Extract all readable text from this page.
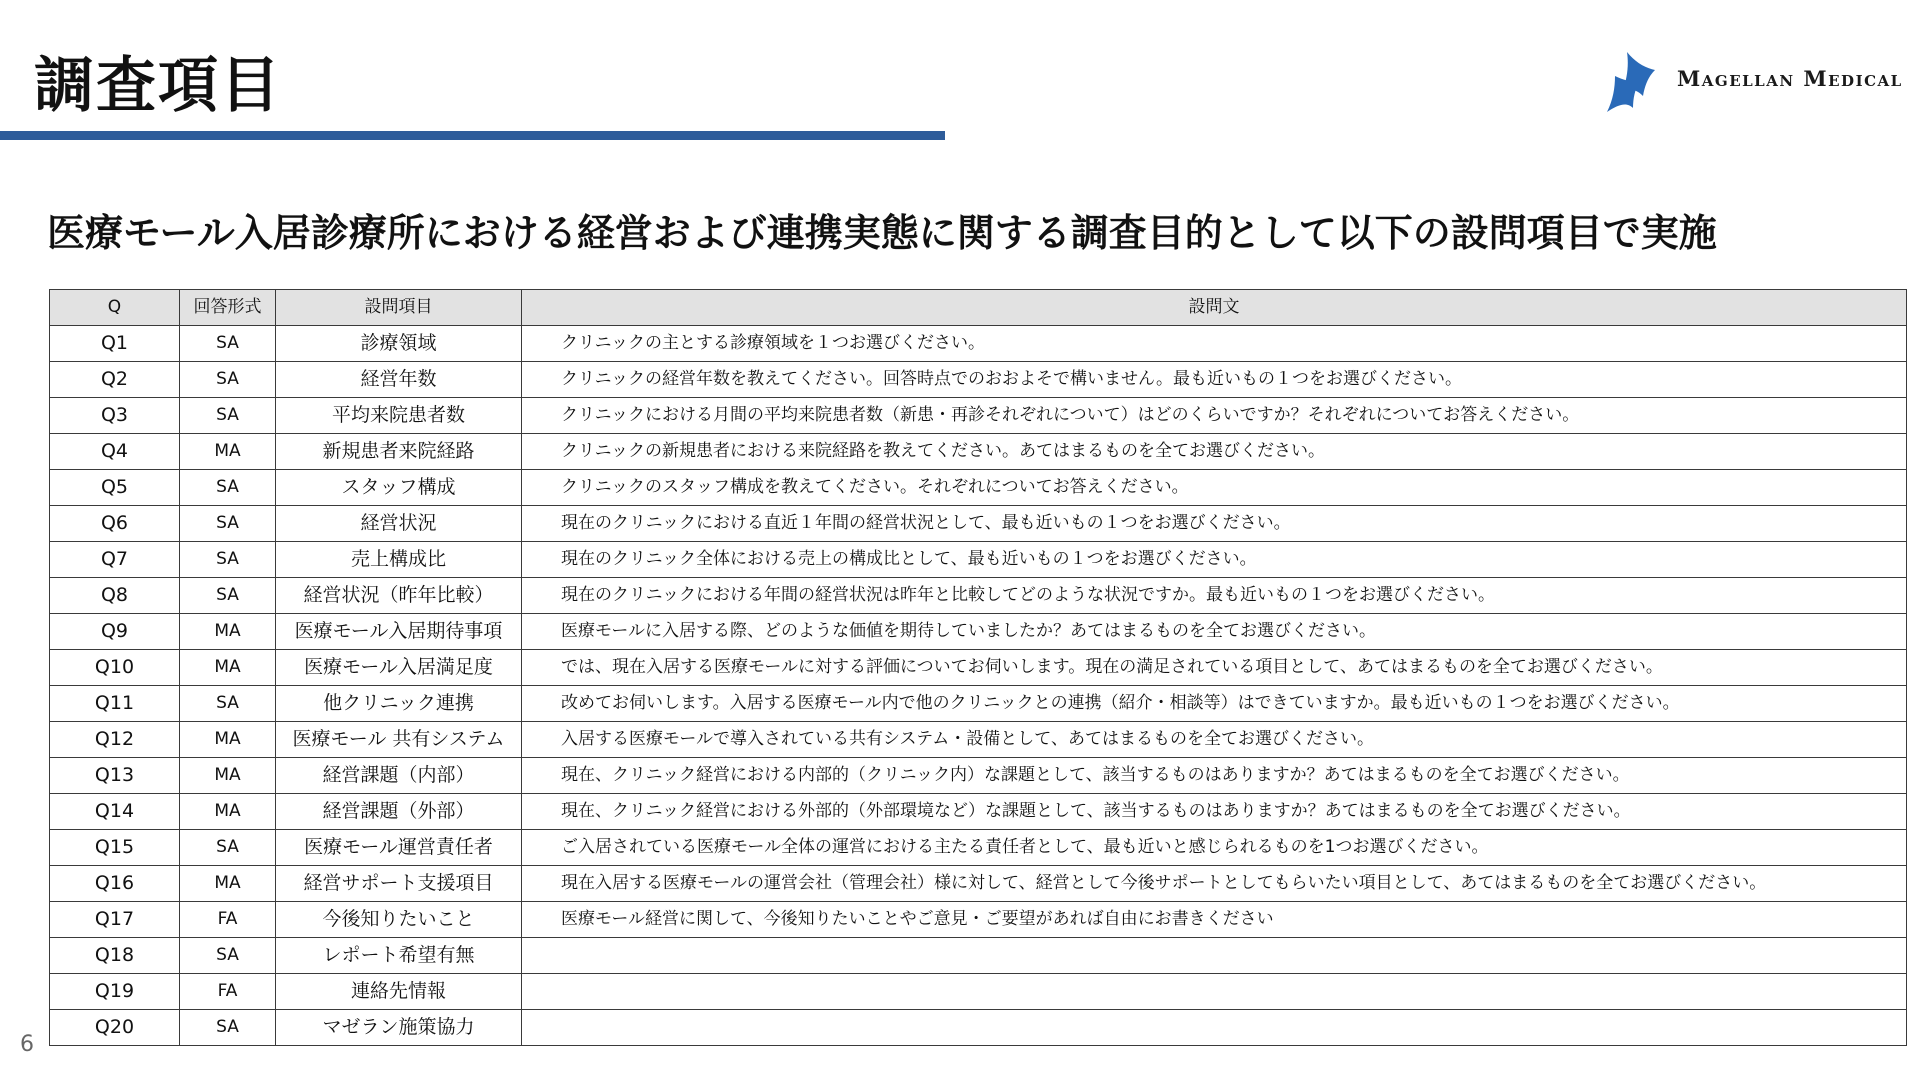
調査項目	Magellan Medical
医療モール入居診療所における経営および連携実態に関する調査目的として以下の設問項目で実施
Q	回答形式	設問項目	設問文
Q1	SA	診療領域	クリニックの主とする診療領域を１つお選びください。
Q2	SA	経営年数	クリニックの経営年数を教えてください。回答時点でのおおよそで構いません。最も近いもの１つをお選びください。
Q3	SA	平均来院患者数	クリニックにおける月間の平均来院患者数（新患・再診それぞれについて）はどのくらいですか？それぞれについてお答えください。
Q4	MA	新規患者来院経路	クリニックの新規患者における来院経路を教えてください。あてはまるものを全てお選びください。
Q5	SA	スタッフ構成	クリニックのスタッフ構成を教えてください。それぞれについてお答えください。
Q6	SA	経営状況	現在のクリニックにおける直近１年間の経営状況として、最も近いもの１つをお選びください。
Q7	SA	売上構成比	現在のクリニック全体における売上の構成比として、最も近いもの１つをお選びください。
Q8	SA	経営状況（昨年比較）	現在のクリニックにおける年間の経営状況は昨年と比較してどのような状況ですか。最も近いもの１つをお選びください。
Q9	MA	医療モール入居期待事項	医療モールに入居する際、どのような価値を期待していましたか？あてはまるものを全てお選びください。
Q10	MA	医療モール入居満足度	では、現在入居する医療モールに対する評価についてお伺いします。現在の満足されている項目として、あてはまるものを全てお選びください。
Q11	SA	他クリニック連携	改めてお伺いします。入居する医療モール内で他のクリニックとの連携（紹介・相談等）はできていますか。最も近いもの１つをお選びください。
Q12	MA	医療モール 共有システム	入居する医療モールで導入されている共有システム・設備として、あてはまるものを全てお選びください。
Q13	MA	経営課題（内部）	現在、クリニック経営における内部的（クリニック内）な課題として、該当するものはありますか？あてはまるものを全てお選びください。
Q14	MA	経営課題（外部）	現在、クリニック経営における外部的（外部環境など）な課題として、該当するものはありますか？あてはまるものを全てお選びください。
Q15	SA	医療モール運営責任者	ご入居されている医療モール全体の運営における主たる責任者として、最も近いと感じられるものを1つお選びください。
Q16	MA	経営サポート支援項目	現在入居する医療モールの運営会社（管理会社）様に対して、経営として今後サポートとしてもらいたい項目として、あてはまるものを全てお選びください。
Q17	FA	今後知りたいこと	医療モール経営に関して、今後知りたいことやご意見・ご要望があれば自由にお書きください
Q18	SA	レポート希望有無	
Q19	FA	連絡先情報	
Q20	SA	マゼラン施策協力	
6
